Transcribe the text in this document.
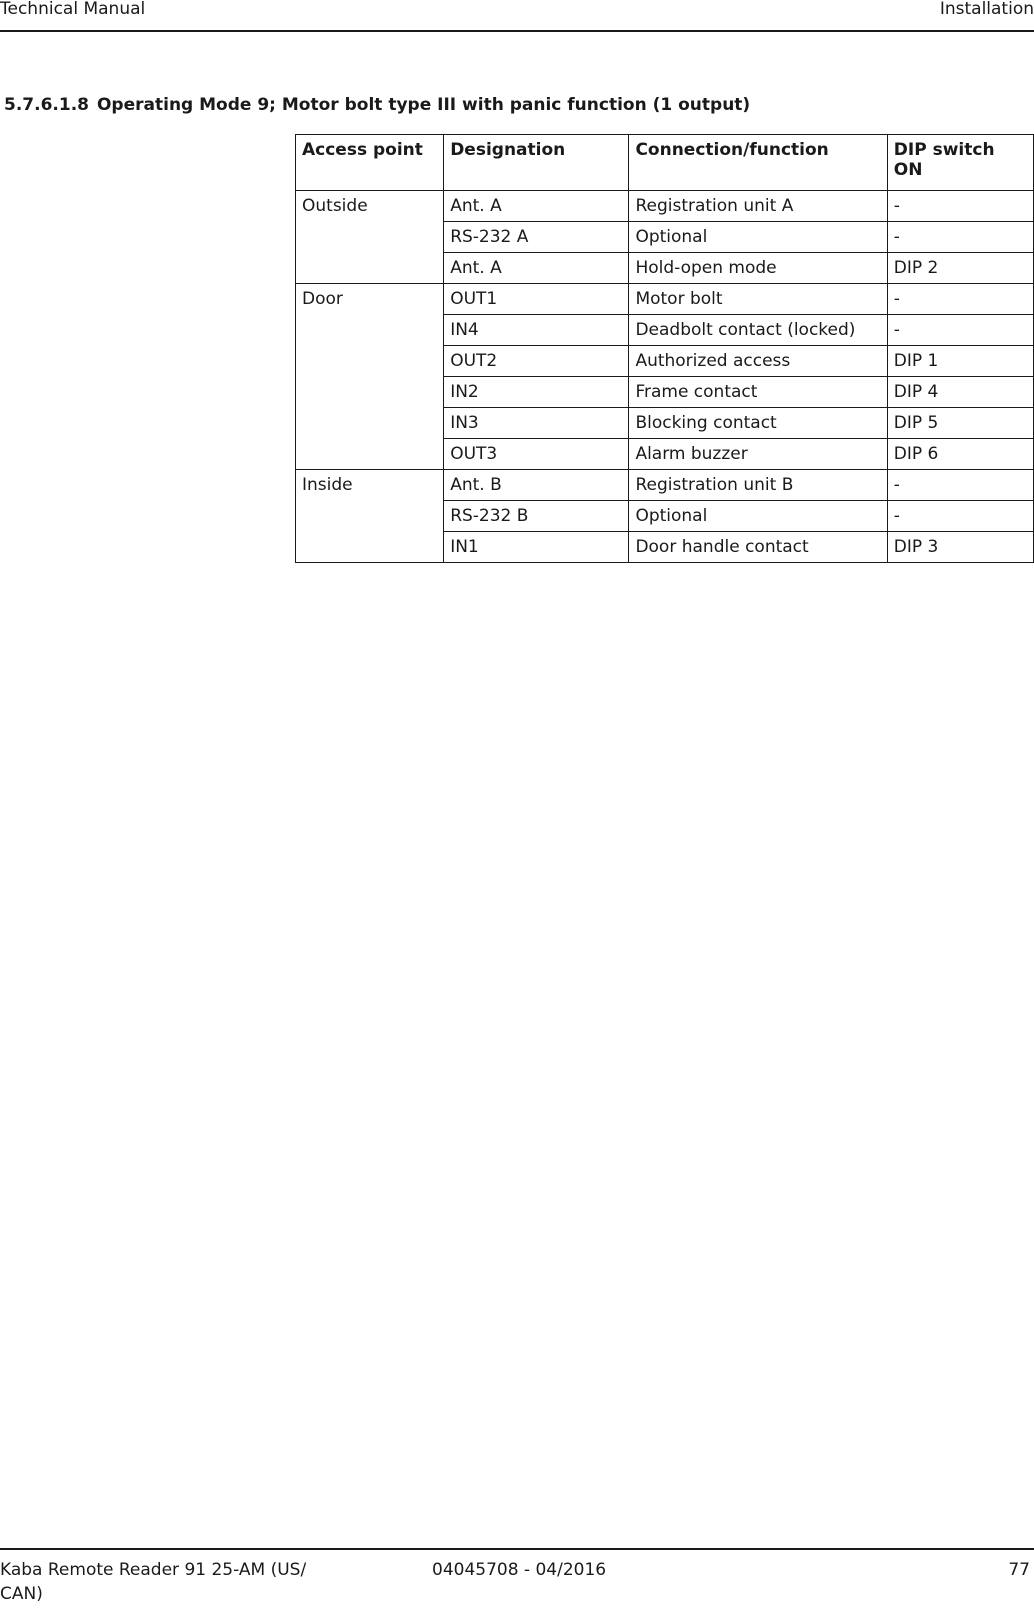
Technical Manual	Installation
5.7.6.1.8 Operating Mode 9; Motor bolt type III with panic function (1 output)
Access point	Designation	Connection/function	DIP switch ON
Outside	Ant. A	Registration unit A	-
	RS-232 A	Optional	-
	Ant. A	Hold-open mode	DIP 2
Door	OUT1	Motor bolt	-
	IN4	Deadbolt contact (locked)	-
	OUT2	Authorized access	DIP 1
	IN2	Frame contact	DIP 4
	IN3	Blocking contact	DIP 5
	OUT3	Alarm buzzer	DIP 6
Inside	Ant. B	Registration unit B	-
	RS-232 B	Optional	-
	IN1	Door handle contact	DIP 3
Kaba Remote Reader 91 25-AM (US/ CAN)
04045708 - 04/2016	77
